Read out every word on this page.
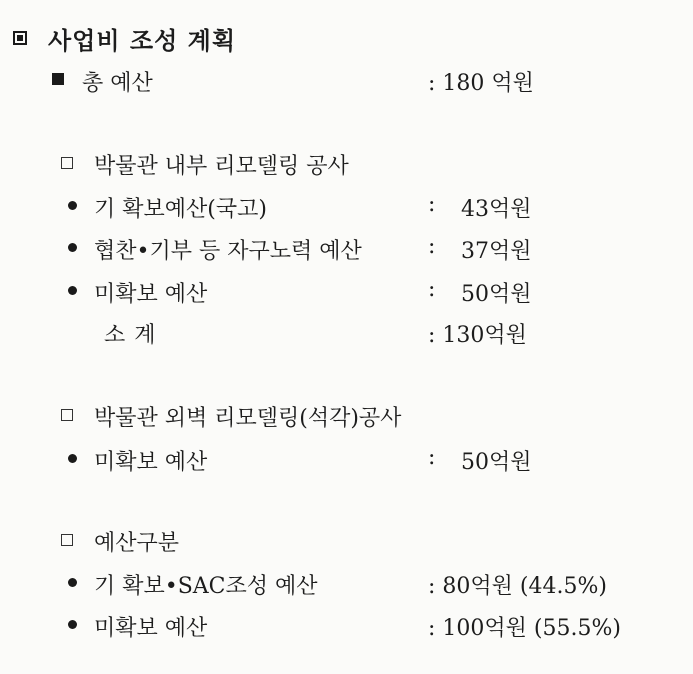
사업비 조성 계획
총 예산	: 180 억원
박물관 내부 리모델링 공사
기 확보예산(국고)	: 43억원
협찬•기부 등 자구노력 예산	: 37억원
미확보 예산	: 50억원
소 계	: 130억원
박물관 외벽 리모델링(석각)공사
미확보 예산	: 50억원
예산구분
기 확보•SAC조성 예산	: 80억원 (44.5%)
미확보 예산	: 100억원 (55.5%)
